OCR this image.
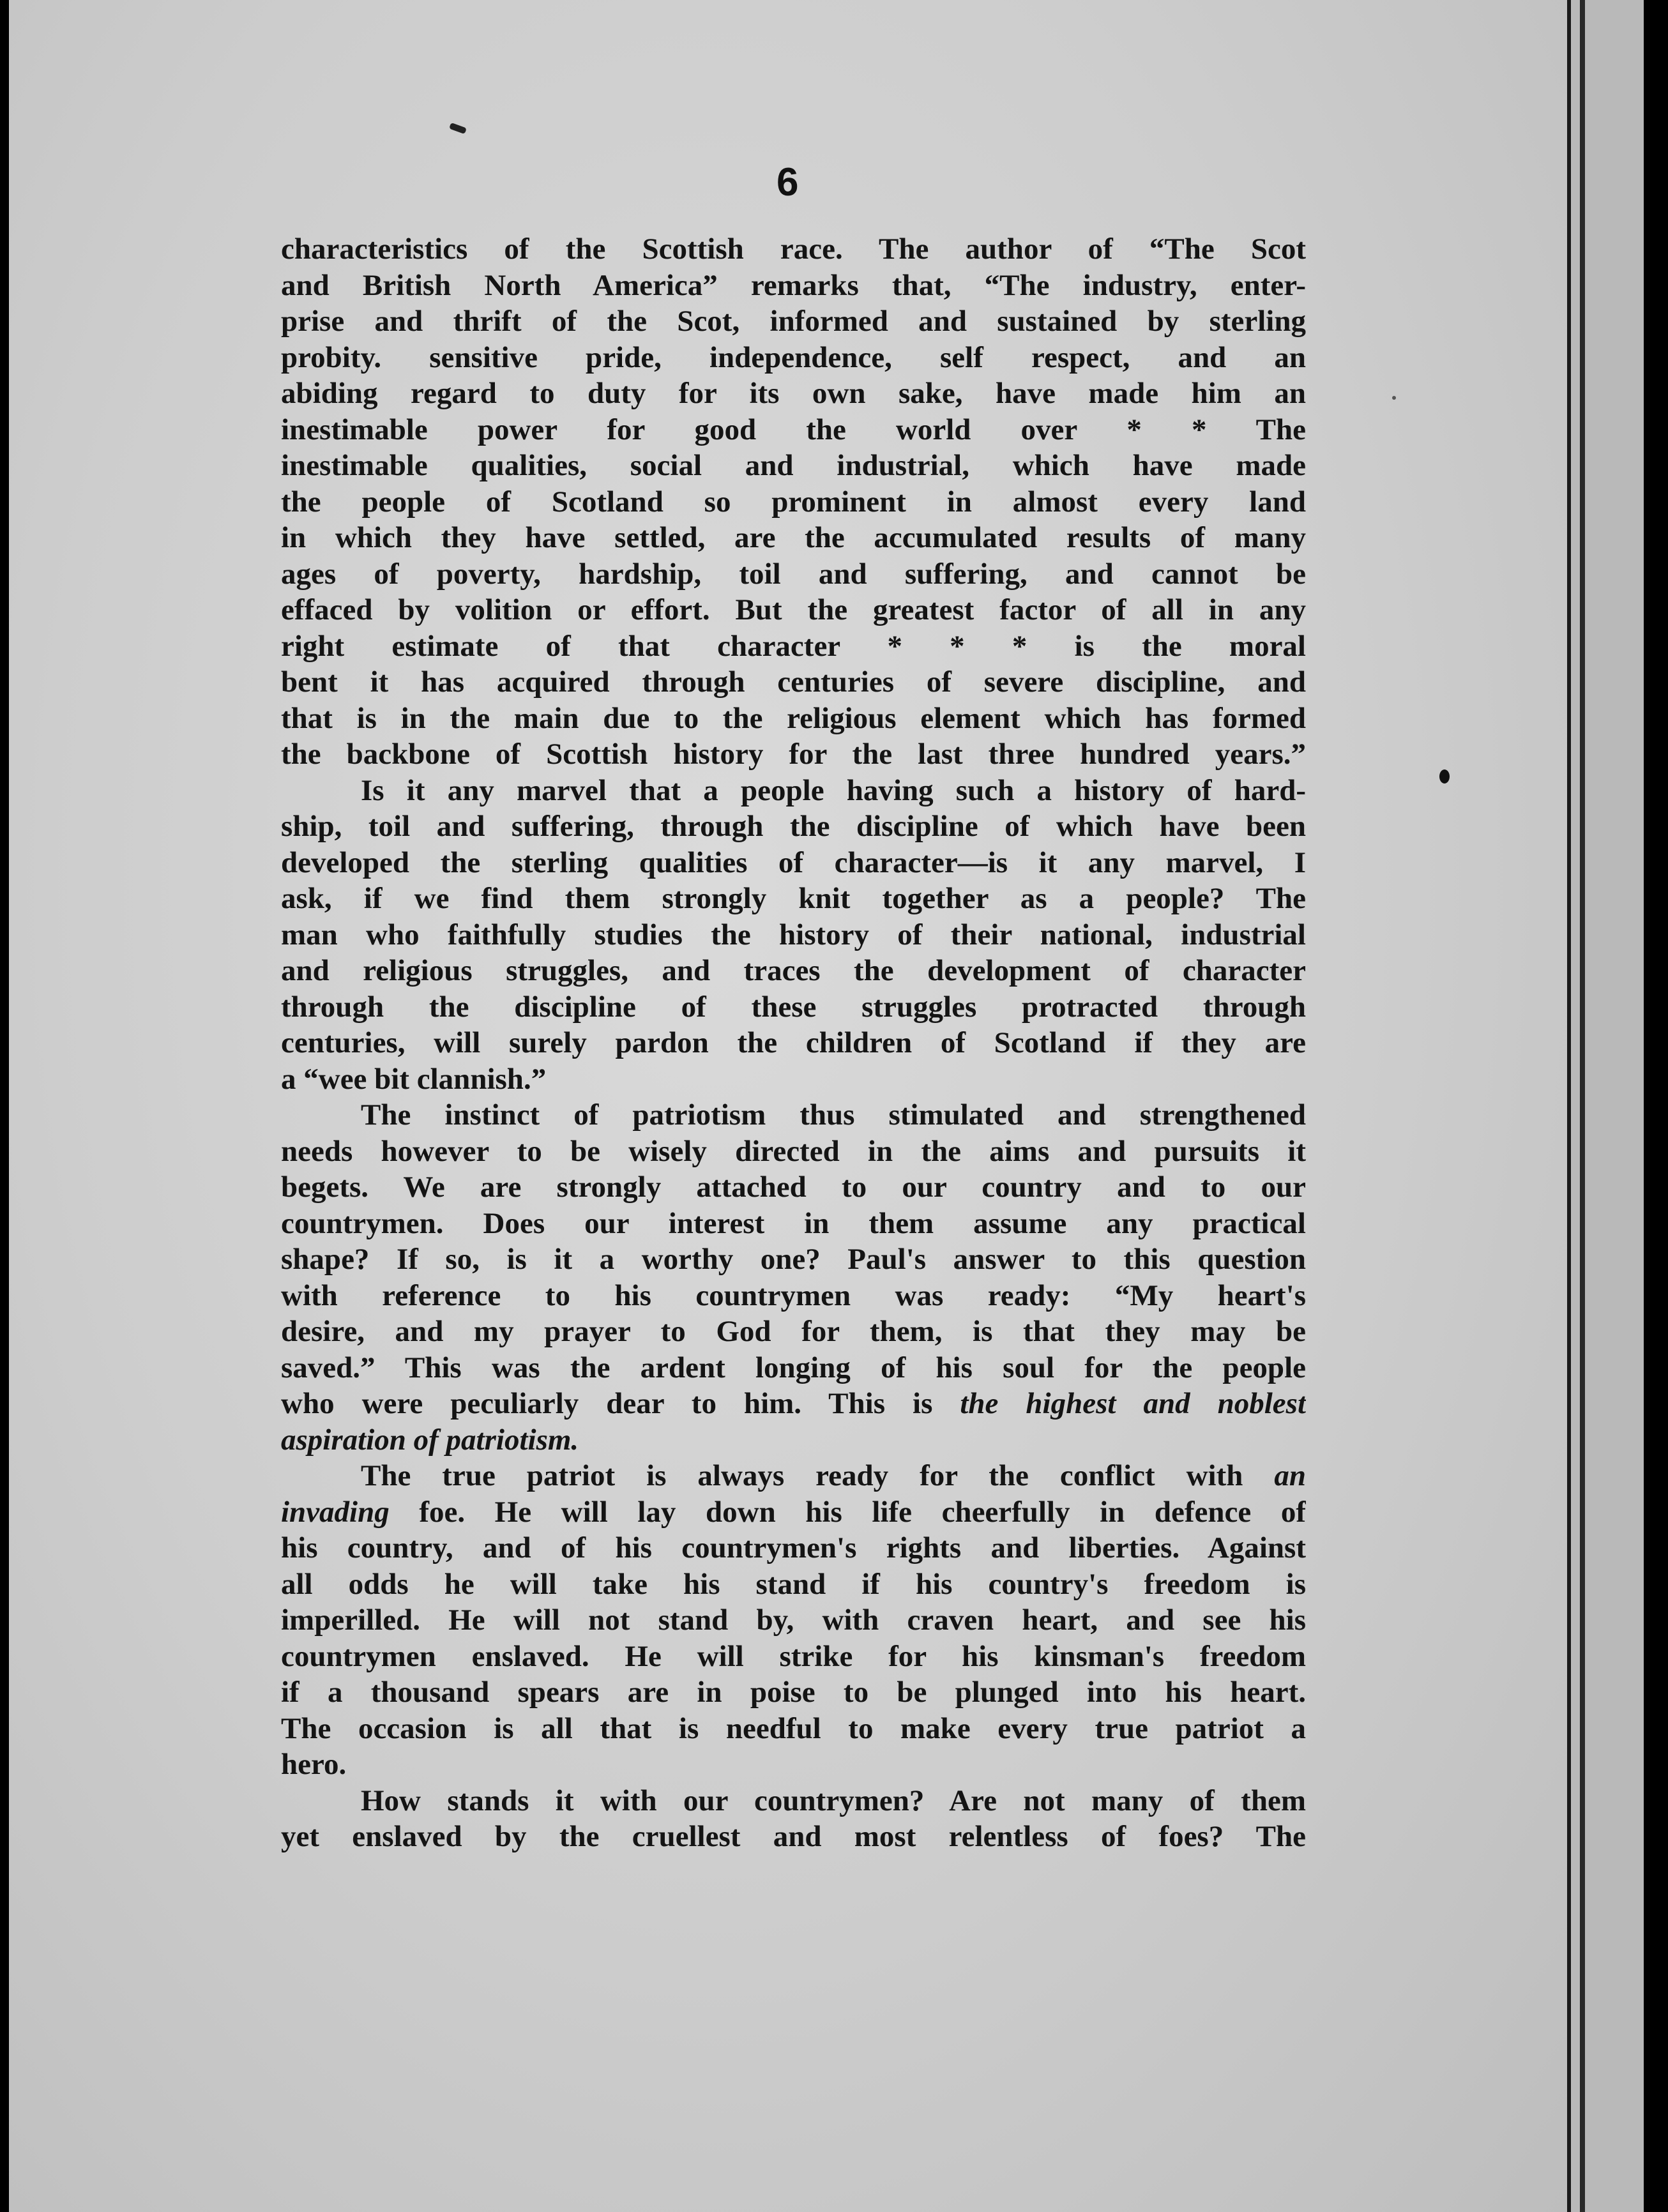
6

characteristics of the Scottish race. The author of “The Scot
and British North America” remarks that, “The industry, enter-
prise and thrift of the Scot, informed and sustained by sterling
probity. sensitive pride, independence, self respect, and an
abiding regard to duty for its own sake, have made him an
inestimable power for good the world over * * The
inestimable qualities, social and industrial, which have made
the people of Scotland so prominent in almost every land
in which they have settled, are the accumulated results of many
ages of poverty, hardship, toil and suffering, and cannot be
effaced by volition or effort. But the greatest factor of all in any
right estimate of that character * * * is the moral
bent it has acquired through centuries of severe discipline, and
that is in the main due to the religious element which has formed
the backbone of Scottish history for the last three hundred years.”

Is it any marvel that a people having such a history of hard-
ship, toil and suffering, through the discipline of which have been
developed the sterling qualities of character—is it any marvel, I
ask, if we find them strongly knit together as a people? The
man who faithfully studies the history of their national, industrial
and religious struggles, and traces the development of character
through the discipline of these struggles protracted through
centuries, will surely pardon the children of Scotland if they are
a “wee bit clannish.”

The instinct of patriotism thus stimulated and strengthened
needs however to be wisely directed in the aims and pursuits it
begets. We are strongly attached to our country and to our
countrymen. Does our interest in them assume any practical
shape? If so, is it a worthy one? Paul's answer to this question
with reference to his countrymen was ready: “My heart's
desire, and my prayer to God for them, is that they may be
saved.” This was the ardent longing of his soul for the people
who were peculiarly dear to him. This is the highest and noblest
aspiration of patriotism.

The true patriot is always ready for the conflict with an
invading foe. He will lay down his life cheerfully in defence of
his country, and of his countrymen's rights and liberties. Against
all odds he will take his stand if his country's freedom is
imperilled. He will not stand by, with craven heart, and see his
countrymen enslaved. He will strike for his kinsman's freedom
if a thousand spears are in poise to be plunged into his heart.
The occasion is all that is needful to make every true patriot a
hero.

How stands it with our countrymen? Are not many of them
yet enslaved by the cruellest and most relentless of foes? The
